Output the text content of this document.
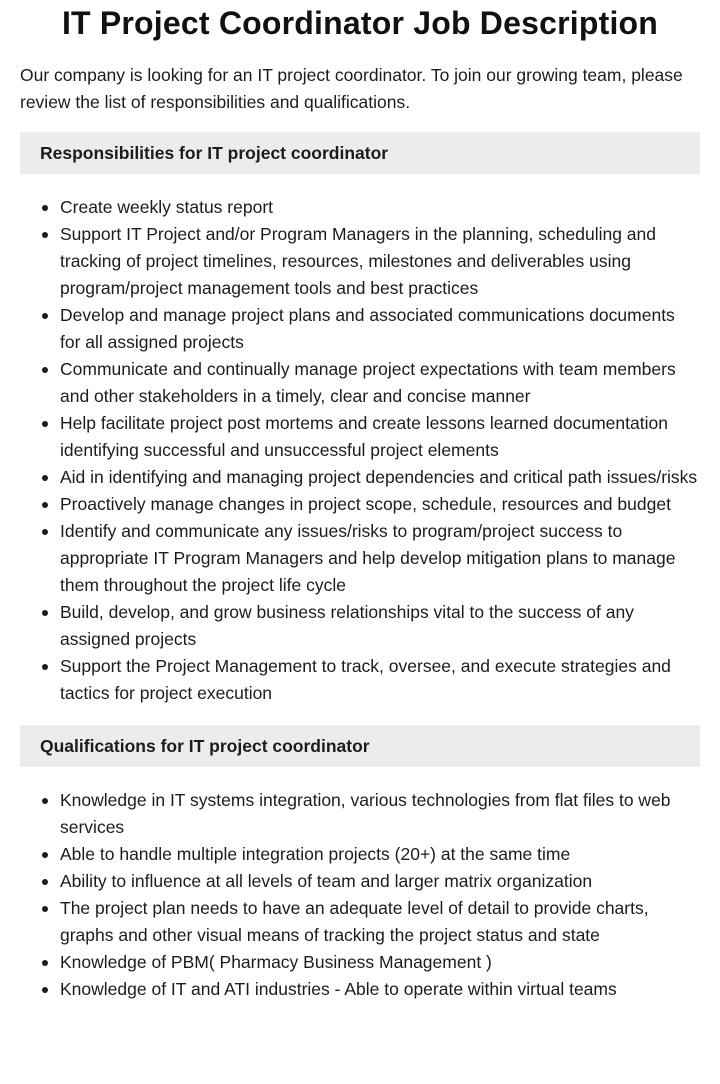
IT Project Coordinator Job Description

Our company is looking for an IT project coordinator. To join our growing team, please review the list of responsibilities and qualifications.

Responsibilities for IT project coordinator
Create weekly status report
Support IT Project and/or Program Managers in the planning, scheduling and tracking of project timelines, resources, milestones and deliverables using program/project management tools and best practices
Develop and manage project plans and associated communications documents for all assigned projects
Communicate and continually manage project expectations with team members and other stakeholders in a timely, clear and concise manner
Help facilitate project post mortems and create lessons learned documentation identifying successful and unsuccessful project elements
Aid in identifying and managing project dependencies and critical path issues/risks
Proactively manage changes in project scope, schedule, resources and budget
Identify and communicate any issues/risks to program/project success to appropriate IT Program Managers and help develop mitigation plans to manage them throughout the project life cycle
Build, develop, and grow business relationships vital to the success of any assigned projects
Support the Project Management to track, oversee, and execute strategies and tactics for project execution
Qualifications for IT project coordinator
Knowledge in IT systems integration, various technologies from flat files to web services
Able to handle multiple integration projects (20+) at the same time
Ability to influence at all levels of team and larger matrix organization
The project plan needs to have an adequate level of detail to provide charts, graphs and other visual means of tracking the project status and state
Knowledge of PBM( Pharmacy Business Management )
Knowledge of IT and ATI industries - Able to operate within virtual teams
